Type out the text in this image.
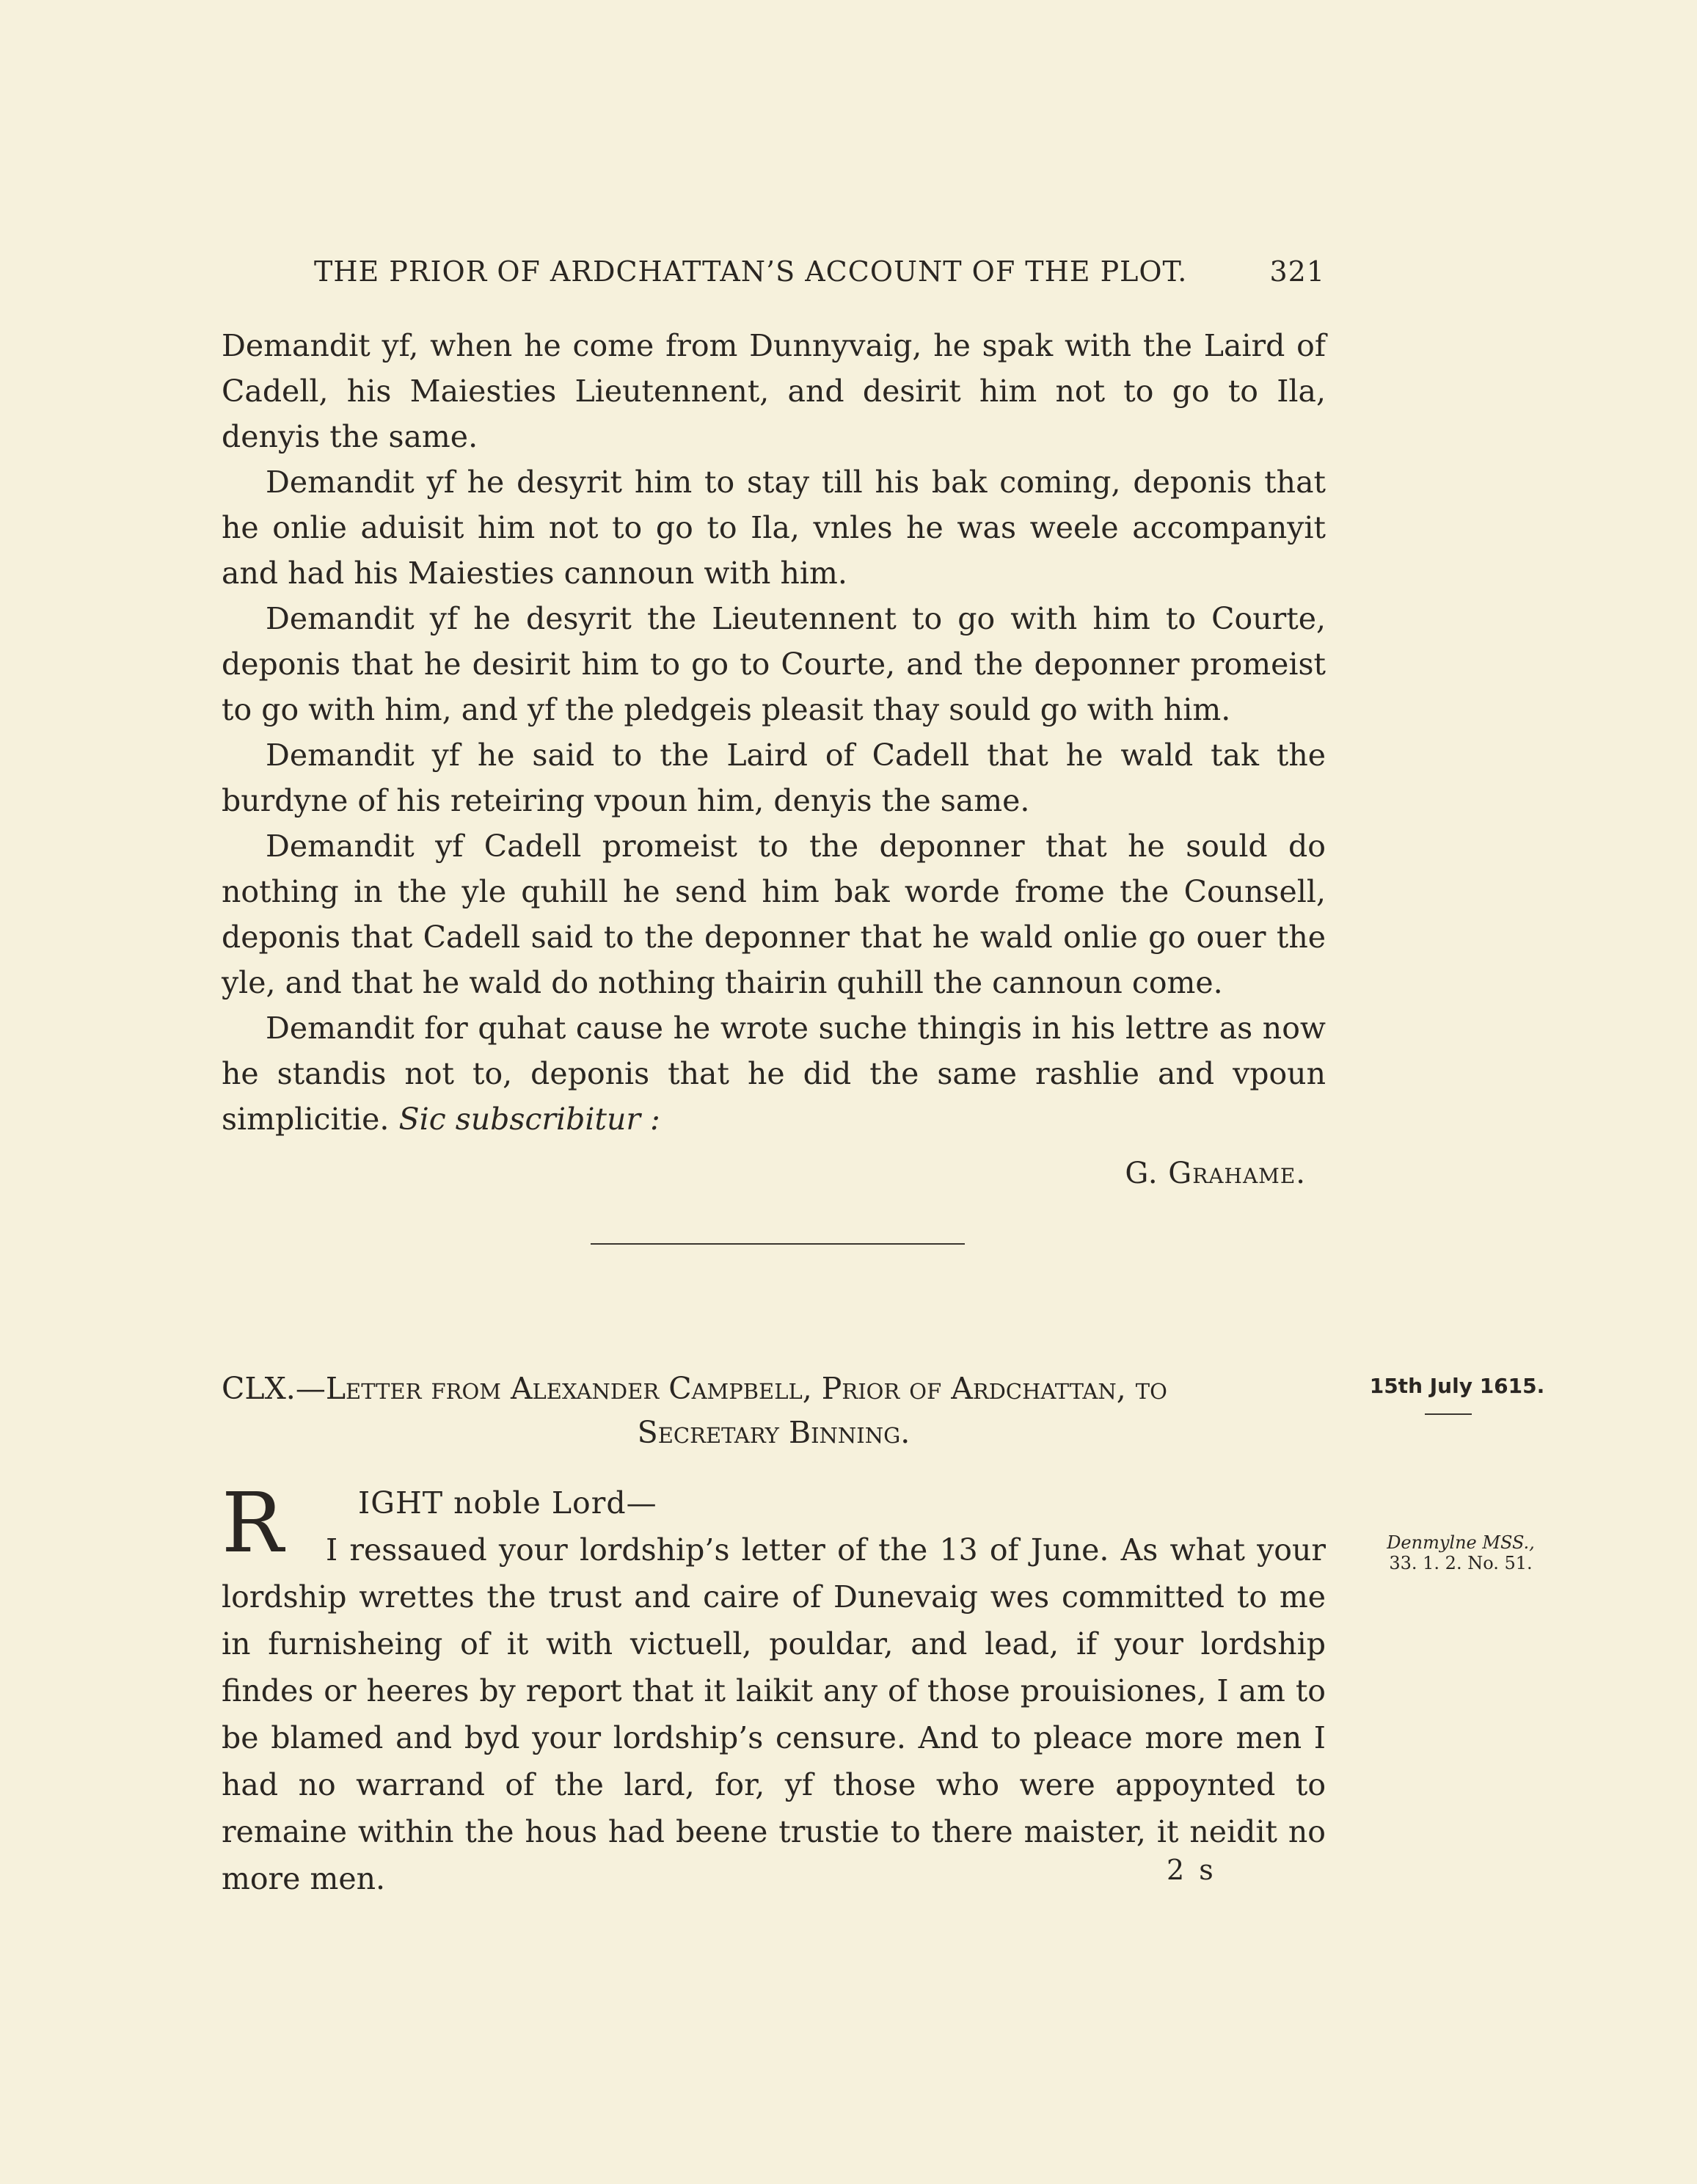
THE PRIOR OF ARDCHATTAN’S ACCOUNT OF THE PLOT.	321

Demandit yf, when he come from Dunnyvaig, he spak with the Laird of Cadell, his Maiesties Lieutennent, and desirit him not to go to Ila, denyis the same.

Demandit yf he desyrit him to stay till his bak coming, deponis that he onlie aduisit him not to go to Ila, vnles he was weele accompanyit and had his Maiesties cannoun with him.

Demandit yf he desyrit the Lieutennent to go with him to Courte, deponis that he desirit him to go to Courte, and the deponner promeist to go with him, and yf the pledgeis pleasit thay sould go with him.

Demandit yf he said to the Laird of Cadell that he wald tak the burdyne of his reteiring vpoun him, denyis the same.

Demandit yf Cadell promeist to the deponner that he sould do nothing in the yle quhill he send him bak worde frome the Counsell, deponis that Cadell said to the deponner that he wald onlie go ouer the yle, and that he wald do nothing thairin quhill the cannoun come.

Demandit for quhat cause he wrote suche thingis in his lettre as now he standis not to, deponis that he did the same rashlie and vpoun simplicitie. Sic subscribitur :

G. Grahame.
CLX.—Letter from Alexander Campbell, Prior of Ardchattan, to
Secretary Binning.
15th July 1615.
Denmylne MSS.,
33. 1. 2. No. 51.
R	IGHT noble Lord—

I ressaued your lordship’s letter of the 13 of June. As what your lordship wrettes the trust and caire of Dunevaig wes committed to me in furnisheing of it with victuell, pouldar, and lead, if your lordship findes or heeres by report that it laikit any of those prouisiones, I am to be blamed and byd your lordship’s censure. And to pleace more men I had no warrand of the lard, for, yf those who were appoynted to remaine within the hous had beene trustie to there maister, it neidit no more men.	2 s
